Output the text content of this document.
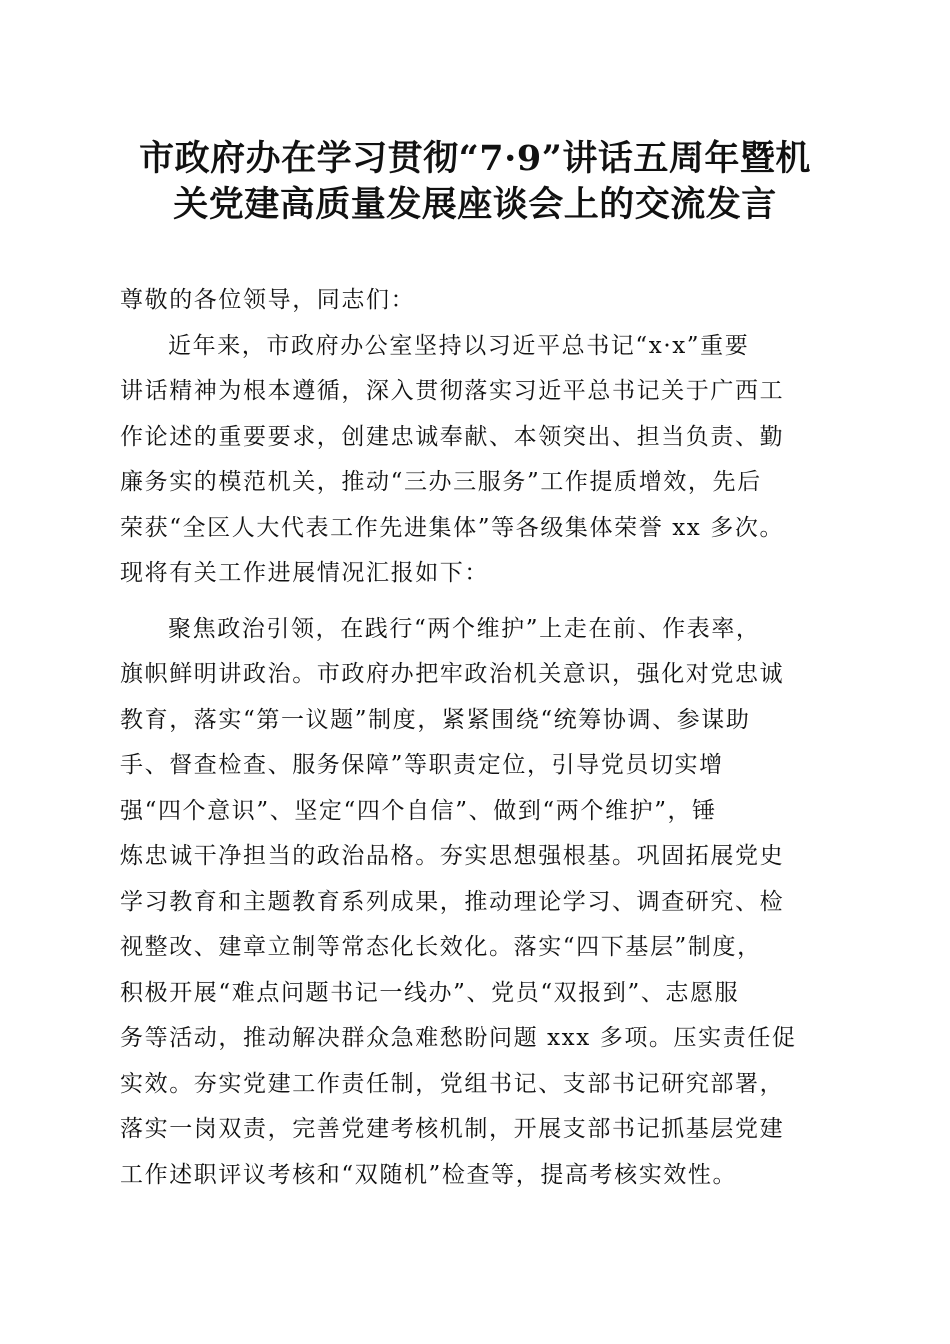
市政府办在学习贯彻“7·9”讲话五周年暨机
关党建高质量发展座谈会上的交流发言
尊敬的各位领导，同志们：
近年来，市政府办公室坚持以习近平总书记“x·x”重要
讲话精神为根本遵循，深入贯彻落实习近平总书记关于广西工
作论述的重要要求，创建忠诚奉献、本领突出、担当负责、勤
廉务实的模范机关，推动“三办三服务”工作提质增效，先后
荣获“全区人大代表工作先进集体”等各级集体荣誉 xx 多次。
现将有关工作进展情况汇报如下：
聚焦政治引领，在践行“两个维护”上走在前、作表率，
旗帜鲜明讲政治。市政府办把牢政治机关意识，强化对党忠诚
教育，落实“第一议题”制度，紧紧围绕“统筹协调、参谋助
手、督查检查、服务保障”等职责定位，引导党员切实增
强“四个意识”、坚定“四个自信”、做到“两个维护”，锤
炼忠诚干净担当的政治品格。夯实思想强根基。巩固拓展党史
学习教育和主题教育系列成果，推动理论学习、调查研究、检
视整改、建章立制等常态化长效化。落实“四下基层”制度，
积极开展“难点问题书记一线办”、党员“双报到”、志愿服
务等活动，推动解决群众急难愁盼问题 xxx 多项。压实责任促
实效。夯实党建工作责任制，党组书记、支部书记研究部署，
落实一岗双责，完善党建考核机制，开展支部书记抓基层党建
工作述职评议考核和“双随机”检查等，提高考核实效性。
